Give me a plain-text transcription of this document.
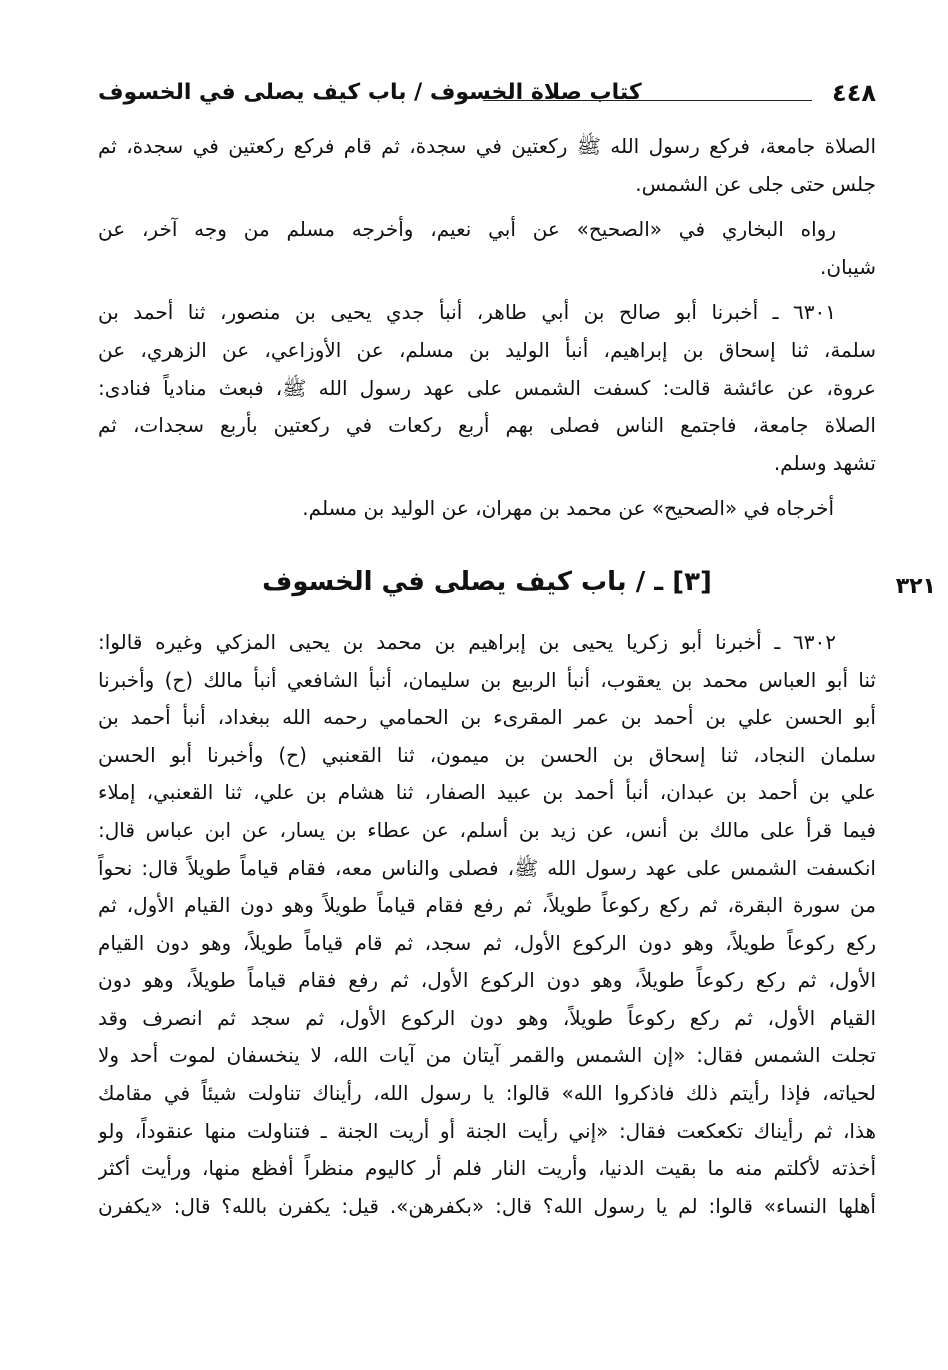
٤٤٨
كتاب صلاة الخسوف / باب كيف يصلى في الخسوف
الصلاة جامعة، فركع رسول الله ﷺ ركعتين في سجدة، ثم قام فركع ركعتين في سجدة، ثم
جلس حتى جلى عن الشمس.
رواه البخاري في «الصحيح» عن أبي نعيم، وأخرجه مسلم من وجه آخر، عن
شيبان.
٦٣٠١ ـ أخبرنا أبو صالح بن أبي طاهر، أنبأ جدي يحيى بن منصور، ثنا أحمد بن
سلمة، ثنا إسحاق بن إبراهيم، أنبأ الوليد بن مسلم، عن الأوزاعي، عن الزهري، عن
عروة، عن عائشة قالت: كسفت الشمس على عهد رسول الله ﷺ، فبعث منادياً فنادى:
الصلاة جامعة، فاجتمع الناس فصلى بهم أربع ركعات في ركعتين بأربع سجدات، ثم
تشهد وسلم.
أخرجاه في «الصحيح» عن محمد بن مهران، عن الوليد بن مسلم.
٣٢١
[٣] ـ / باب كيف يصلى في الخسوف
٦٣٠٢ ـ أخبرنا أبو زكريا يحيى بن إبراهيم بن محمد بن يحيى المزكي وغيره قالوا:
ثنا أبو العباس محمد بن يعقوب، أنبأ الربيع بن سليمان، أنبأ الشافعي أنبأ مالك (ح) وأخبرنا
أبو الحسن علي بن أحمد بن عمر المقرىء بن الحمامي رحمه الله ببغداد، أنبأ أحمد بن
سلمان النجاد، ثنا إسحاق بن الحسن بن ميمون، ثنا القعنبي (ح) وأخبرنا أبو الحسن
علي بن أحمد بن عبدان، أنبأ أحمد بن عبيد الصفار، ثنا هشام بن علي، ثنا القعنبي، إملاء
فيما قرأ على مالك بن أنس، عن زيد بن أسلم، عن عطاء بن يسار، عن ابن عباس قال:
انكسفت الشمس على عهد رسول الله ﷺ، فصلى والناس معه، فقام قياماً طويلاً قال: نحواً
من سورة البقرة، ثم ركع ركوعاً طويلاً، ثم رفع فقام قياماً طويلاً وهو دون القيام الأول، ثم
ركع ركوعاً طويلاً، وهو دون الركوع الأول، ثم سجد، ثم قام قياماً طويلاً، وهو دون القيام
الأول، ثم ركع ركوعاً طويلاً، وهو دون الركوع الأول، ثم رفع فقام قياماً طويلاً، وهو دون
القيام الأول، ثم ركع ركوعاً طويلاً، وهو دون الركوع الأول، ثم سجد ثم انصرف وقد
تجلت الشمس فقال: «إن الشمس والقمر آيتان من آيات الله، لا ينخسفان لموت أحد ولا
لحياته، فإذا رأيتم ذلك فاذكروا الله» قالوا: يا رسول الله، رأيناك تناولت شيئاً في مقامك
هذا، ثم رأيناك تكعكعت فقال: «إني رأيت الجنة أو أريت الجنة ـ فتناولت منها عنقوداً، ولو
أخذته لأكلتم منه ما بقيت الدنيا، وأريت النار فلم أر كاليوم منظراً أفظع منها، ورأيت أكثر
أهلها النساء» قالوا: لم يا رسول الله؟ قال: «بكفرهن». قيل: يكفرن بالله؟ قال: «يكفرن
